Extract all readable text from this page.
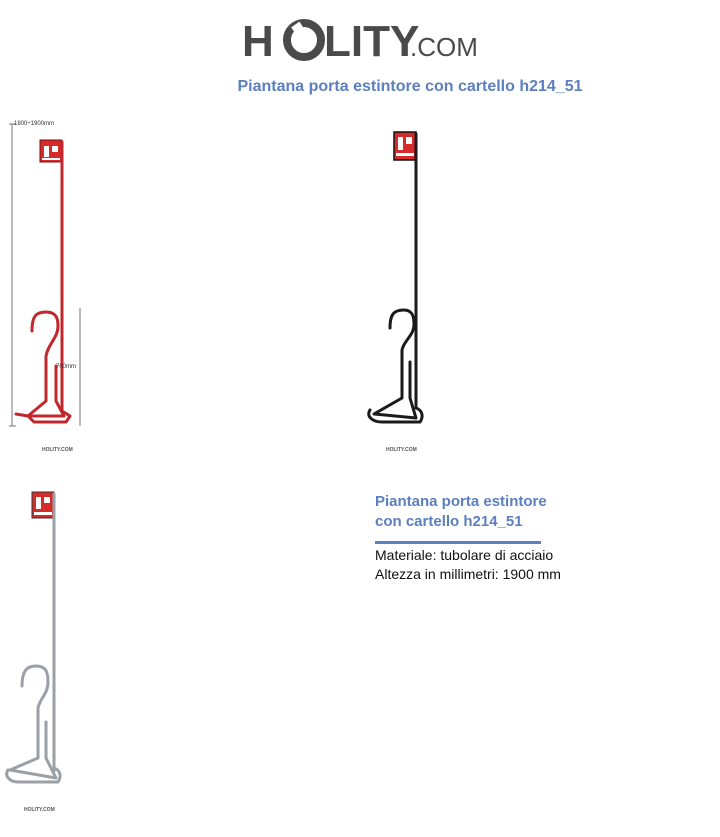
H LITY
.COM
Piantana porta estintore con cartello h214_51
1800÷1900mm
700mm
HOLITY.COM	HOLITY.COM
HOLITY.COM
Piantana porta estintore
con cartello h214_51
Materiale: tubolare di acciaio
Altezza in millimetri: 1900 mm
